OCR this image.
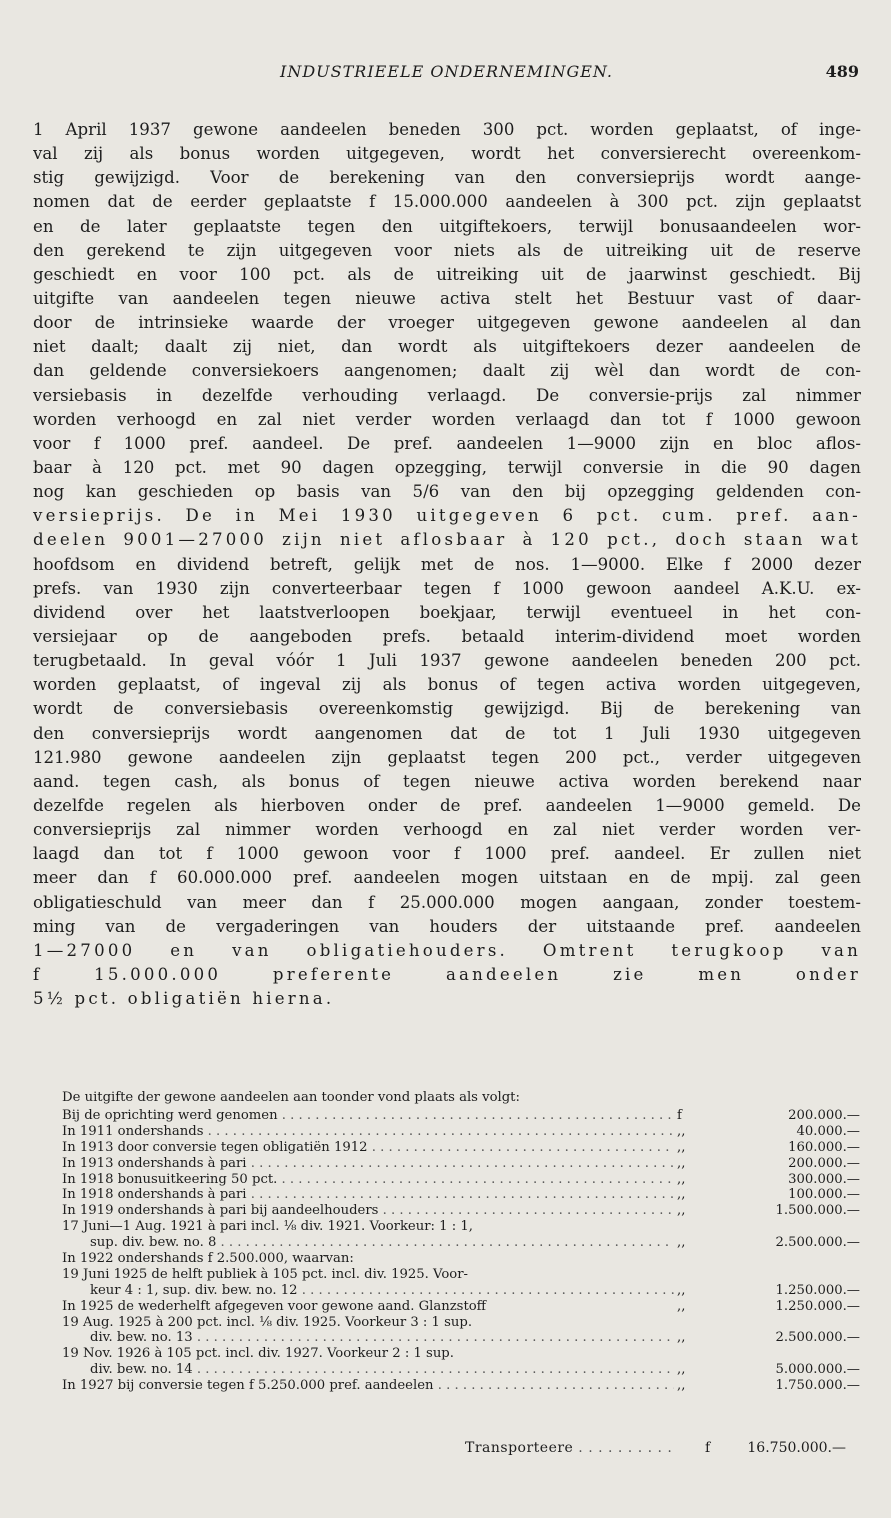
INDUSTRIEELE ONDERNEMINGEN.	489
1 April 1937 gewone aandeelen beneden 300 pct. worden geplaatst, of inge-
val zij als bonus worden uitgegeven, wordt het conversierecht overeenkom-
stig gewijzigd. Voor de berekening van den conversieprijs wordt aange-
nomen dat de eerder geplaatste f 15.000.000 aandeelen à 300 pct. zijn geplaatst
en de later geplaatste tegen den uitgiftekoers, terwijl bonusaandeelen wor-
den gerekend te zijn uitgegeven voor niets als de uitreiking uit de reserve
geschiedt en voor 100 pct. als de uitreiking uit de jaarwinst geschiedt. Bij
uitgifte van aandeelen tegen nieuwe activa stelt het Bestuur vast of daar-
door de intrinsieke waarde der vroeger uitgegeven gewone aandeelen al dan
niet daalt; daalt zij niet, dan wordt als uitgiftekoers dezer aandeelen de
dan geldende conversiekoers aangenomen; daalt zij wèl dan wordt de con-
versiebasis in dezelfde verhouding verlaagd. De conversie-prijs zal nimmer
worden verhoogd en zal niet verder worden verlaagd dan tot f 1000 gewoon
voor f 1000 pref. aandeel. De pref. aandeelen 1—9000 zijn en bloc aflos-
baar à 120 pct. met 90 dagen opzegging, terwijl conversie in die 90 dagen
nog kan geschieden op basis van 5/6 van den bij opzegging geldenden con-
versieprijs. De in Mei 1930 uitgegeven 6 pct. cum. pref. aan-
deelen 9001—27000 zijn niet aflosbaar à 120 pct., doch staan wat
hoofdsom en dividend betreft, gelijk met de nos. 1—9000. Elke f 2000 dezer
prefs. van 1930 zijn converteerbaar tegen f 1000 gewoon aandeel A.K.U. ex-
dividend over het laatstverloopen boekjaar, terwijl eventueel in het con-
versiejaar op de aangeboden prefs. betaald interim-dividend moet worden
terugbetaald. In geval vóór 1 Juli 1937 gewone aandeelen beneden 200 pct.
worden geplaatst, of ingeval zij als bonus of tegen activa worden uitgegeven,
wordt de conversiebasis overeenkomstig gewijzigd. Bij de berekening van
den conversieprijs wordt aangenomen dat de tot 1 Juli 1930 uitgegeven
121.980 gewone aandeelen zijn geplaatst tegen 200 pct., verder uitgegeven
aand. tegen cash, als bonus of tegen nieuwe activa worden berekend naar
dezelfde regelen als hierboven onder de pref. aandeelen 1—9000 gemeld. De
conversieprijs zal nimmer worden verhoogd en zal niet verder worden ver-
laagd dan tot f 1000 gewoon voor f 1000 pref. aandeel. Er zullen niet
meer dan f 60.000.000 pref. aandeelen mogen uitstaan en de mpij. zal geen
obligatieschuld van meer dan f 25.000.000 mogen aangaan, zonder toestem-
ming van de vergaderingen van houders der uitstaande pref. aandeelen
1—27000 en van obligatiehouders. Omtrent terugkoop van
f 15.000.000 preferente aandeelen zie men onder
5½ pct. obligatiën hierna.
De uitgifte der gewone aandeelen aan toonder vond plaats als volgt:
Bij de oprichting werd genomen . . .	f	200.000.—
In 1911 ondershands . . .	,,	40.000.—
In 1913 door conversie tegen obligatiën 1912 . . .	,,	160.000.—
In 1913 ondershands à pari . . .	,,	200.000.—
In 1918 bonusuitkeering 50 pct. . . .	,,	300.000.—
In 1918 ondershands à pari . . .	,,	100.000.—
In 1919 ondershands à pari bij aandeelhouders . . .	,,	1.500.000.—
17 Juni—1 Aug. 1921 à pari incl. ⅛ div. 1921. Voorkeur: 1 : 1,
sup. div. bew. no. 8 . . .	,,	2.500.000.—
In 1922 ondershands f 2.500.000, waarvan:
19 Juni 1925 de helft publiek à 105 pct. incl. div. 1925. Voor-
keur 4 : 1, sup. div. bew. no. 12 . . .	,,	1.250.000.—
In 1925 de wederhelft afgegeven voor gewone aand. Glanzstoff	,,	1.250.000.—
19 Aug. 1925 à 200 pct. incl. ⅛ div. 1925. Voorkeur 3 : 1 sup.
div. bew. no. 13 . . .	,,	2.500.000.—
19 Nov. 1926 à 105 pct. incl. div. 1927. Voorkeur 2 : 1 sup.
div. bew. no. 14 . . .	,,	5.000.000.—
In 1927 bij conversie tegen f 5.250.000 pref. aandeelen . . .	,,	1.750.000.—
Transporteere . . .	f	16.750.000.—
